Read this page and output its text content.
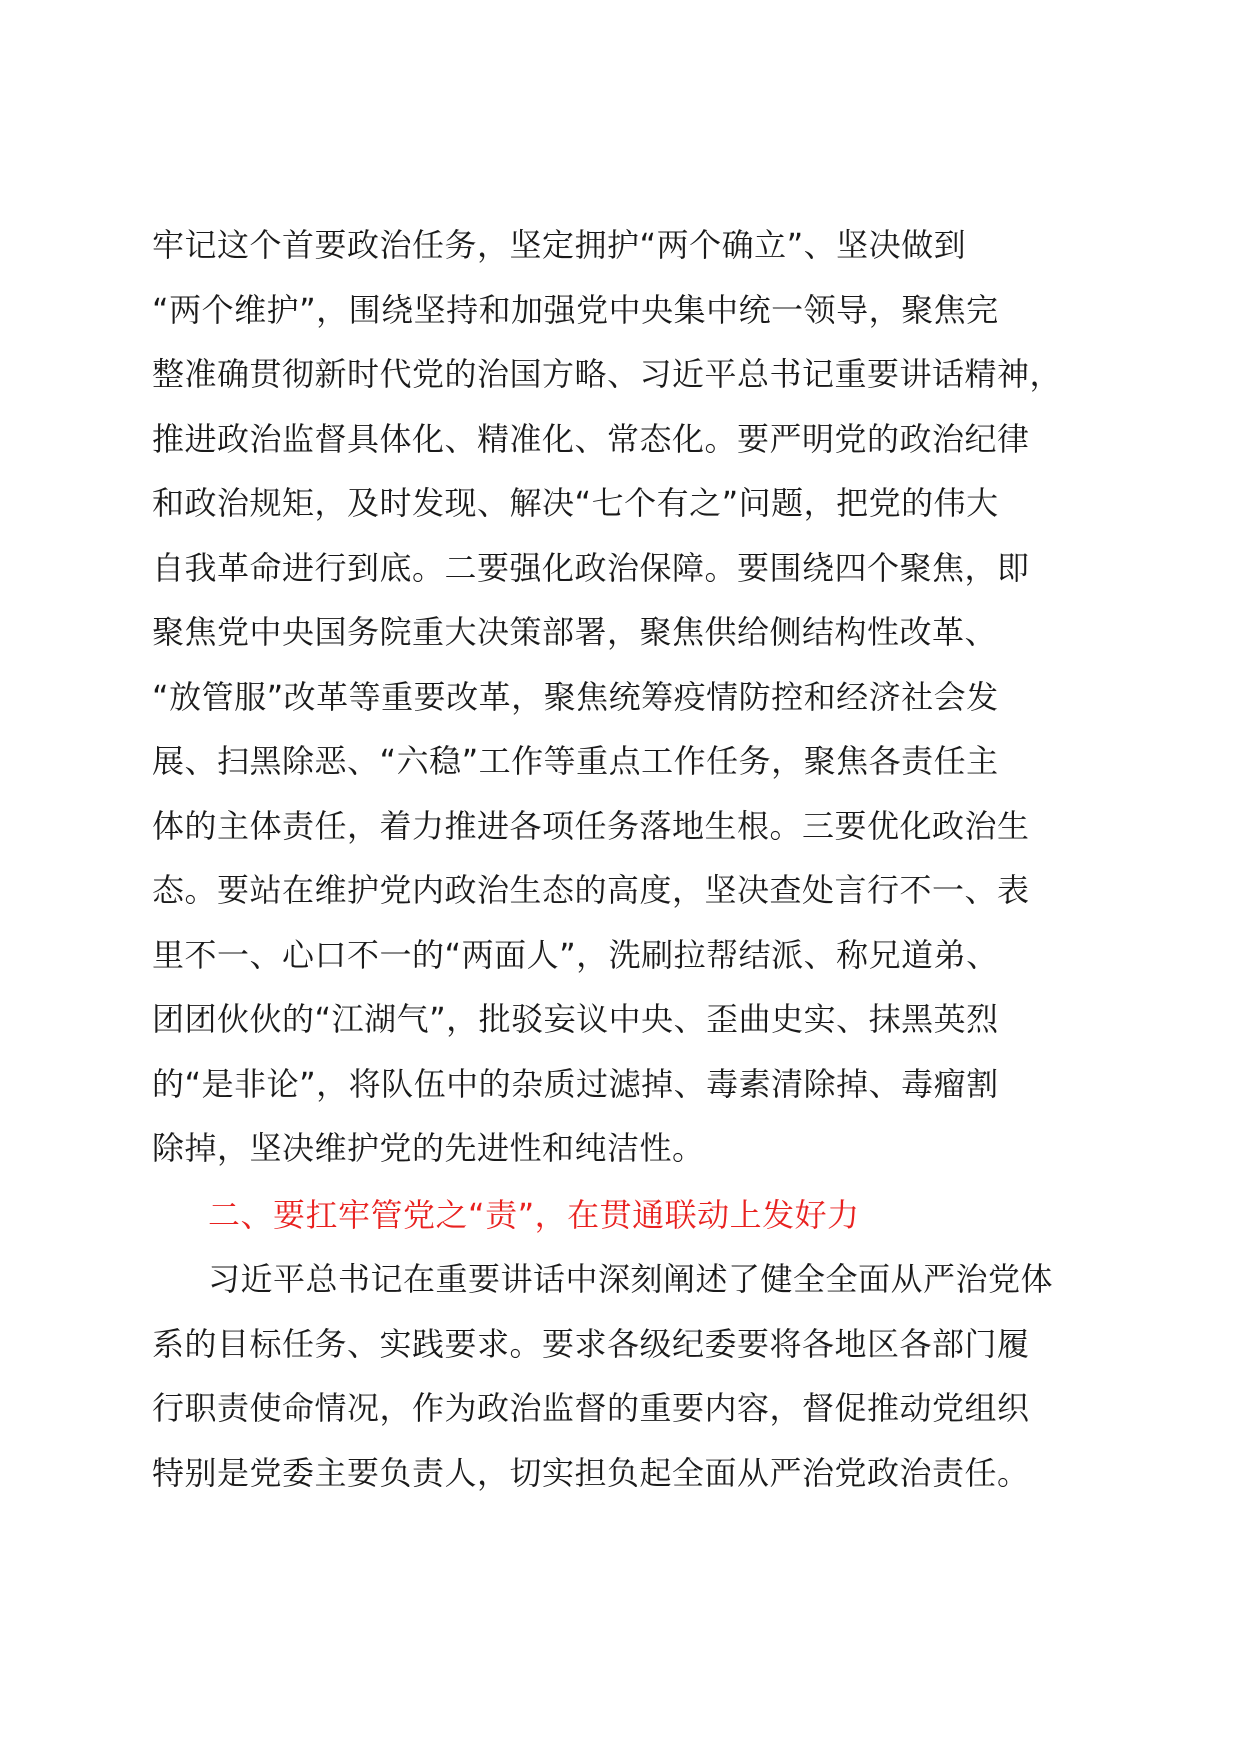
牢记这个首要政治任务，坚定拥护“两个确立”、坚决做到
“两个维护”，围绕坚持和加强党中央集中统一领导，聚焦完
整准确贯彻新时代党的治国方略、习近平总书记重要讲话精神，
推进政治监督具体化、精准化、常态化。要严明党的政治纪律
和政治规矩，及时发现、解决“七个有之”问题，把党的伟大
自我革命进行到底。二要强化政治保障。要围绕四个聚焦，即
聚焦党中央国务院重大决策部署，聚焦供给侧结构性改革、
“放管服”改革等重要改革，聚焦统筹疫情防控和经济社会发
展、扫黑除恶、“六稳”工作等重点工作任务，聚焦各责任主
体的主体责任，着力推进各项任务落地生根。三要优化政治生
态。要站在维护党内政治生态的高度，坚决查处言行不一、表
里不一、心口不一的“两面人”，洗刷拉帮结派、称兄道弟、
团团伙伙的“江湖气”，批驳妄议中央、歪曲史实、抹黑英烈
的“是非论”，将队伍中的杂质过滤掉、毒素清除掉、毒瘤割
除掉，坚决维护党的先进性和纯洁性。
二、要扛牢管党之“责”，在贯通联动上发好力
习近平总书记在重要讲话中深刻阐述了健全全面从严治党体
系的目标任务、实践要求。要求各级纪委要将各地区各部门履
行职责使命情况，作为政治监督的重要内容，督促推动党组织
特别是党委主要负责人，切实担负起全面从严治党政治责任。
